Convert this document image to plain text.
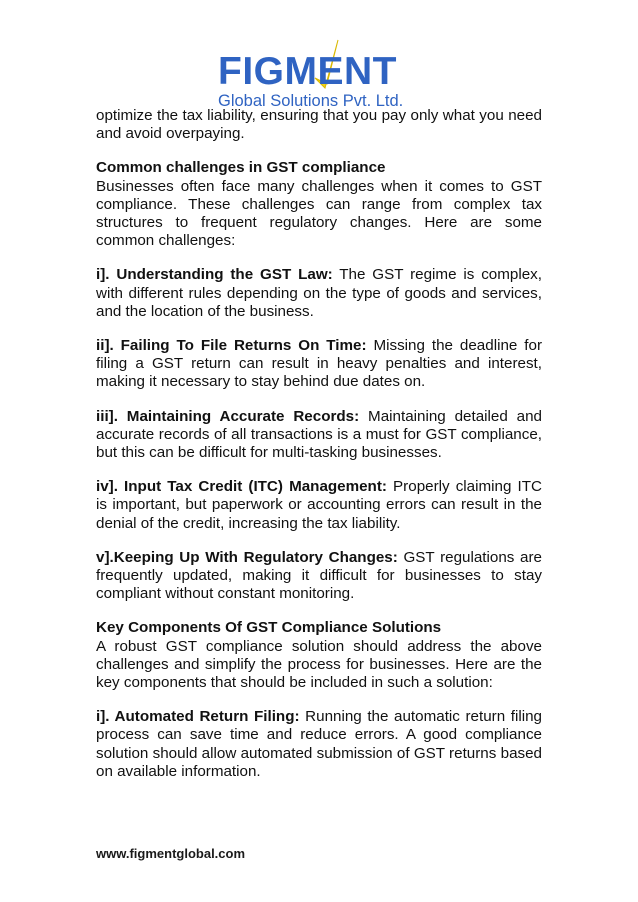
FIGMENT
Global Solutions Pvt. Ltd.

optimize the tax liability, ensuring that you pay only what you need and avoid overpaying.

Common challenges in GST compliance
Businesses often face many challenges when it comes to GST compliance. These challenges can range from complex tax structures to frequent regulatory changes. Here are some common challenges:

i]. Understanding the GST Law: The GST regime is complex, with different rules depending on the type of goods and services, and the location of the business.

ii]. Failing To File Returns On Time: Missing the deadline for filing a GST return can result in heavy penalties and interest, making it necessary to stay behind due dates on.

iii]. Maintaining Accurate Records: Maintaining detailed and accurate records of all transactions is a must for GST compliance, but this can be difficult for multi-tasking businesses.

iv]. Input Tax Credit (ITC) Management: Properly claiming ITC is important, but paperwork or accounting errors can result in the denial of the credit, increasing the tax liability.

v].Keeping Up With Regulatory Changes: GST regulations are frequently updated, making it difficult for businesses to stay compliant without constant monitoring.

Key Components Of GST Compliance Solutions
A robust GST compliance solution should address the above challenges and simplify the process for businesses. Here are the key components that should be included in such a solution:

i]. Automated Return Filing: Running the automatic return filing process can save time and reduce errors. A good compliance solution should allow automated submission of GST returns based on available information.

www.figmentglobal.com
